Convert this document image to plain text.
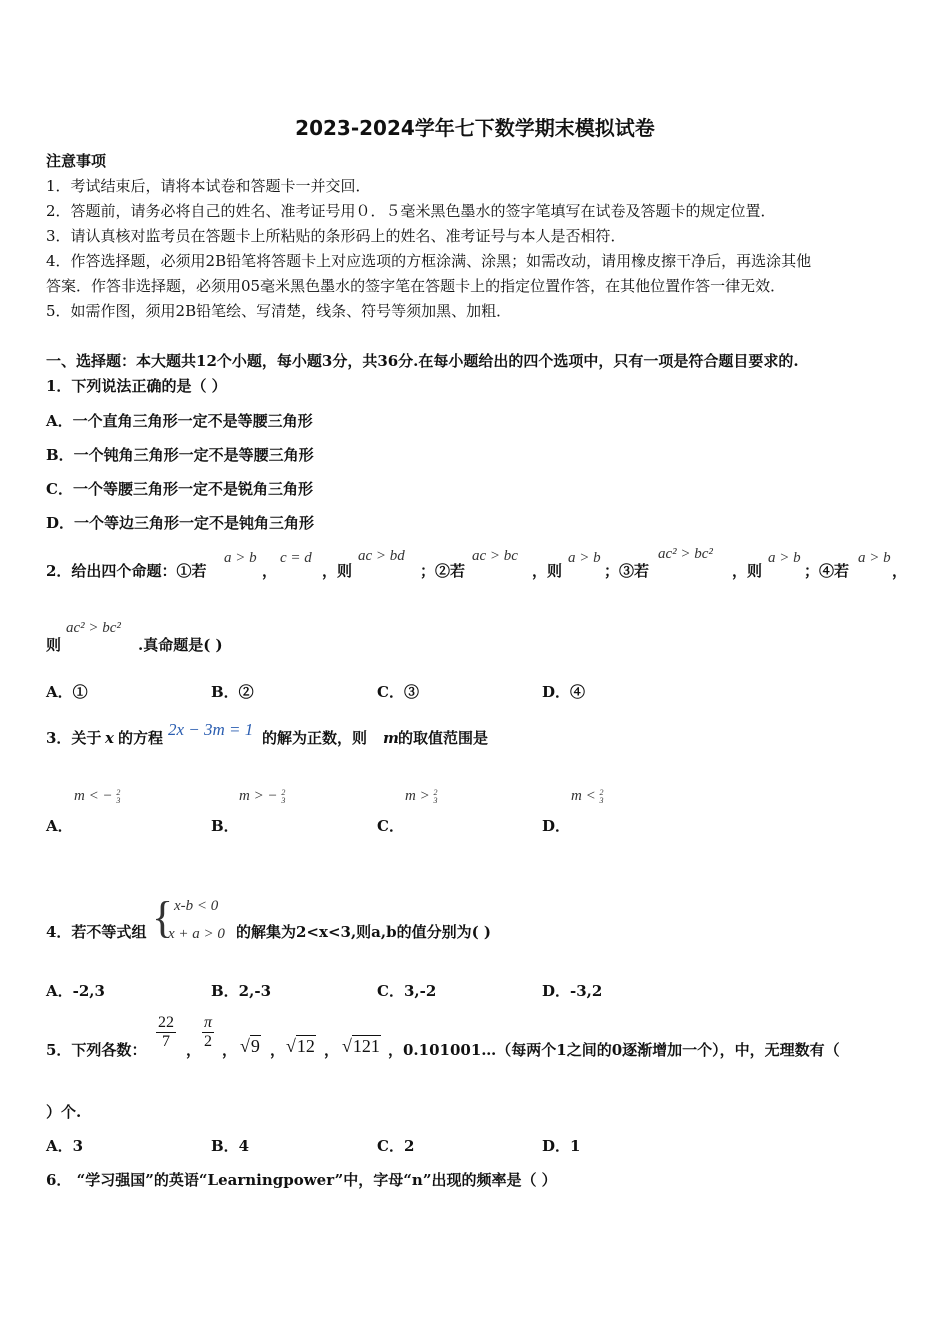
2023-2024学年七下数学期末模拟试卷
注意事项
1．考试结束后，请将本试卷和答题卡一并交回．
2．答题前，请务必将自己的姓名、准考证号用０．５毫米黑色墨水的签字笔填写在试卷及答题卡的规定位置．
3．请认真核对监考员在答题卡上所粘贴的条形码上的姓名、准考证号与本人是否相符．
4．作答选择题，必须用2B铅笔将答题卡上对应选项的方框涂满、涂黑；如需改动，请用橡皮擦干净后，再选涂其他
答案．作答非选择题，必须用05毫米黑色墨水的签字笔在答题卡上的指定位置作答，在其他位置作答一律无效．
5．如需作图，须用2B铅笔绘、写清楚，线条、符号等须加黑、加粗．
一、选择题：本大题共12个小题，每小题3分，共36分.在每小题给出的四个选项中，只有一项是符合题目要求的.
1．下列说法正确的是（ ）
A．一个直角三角形一定不是等腰三角形
B．一个钝角三角形一定不是等腰三角形
C．一个等腰三角形一定不是锐角三角形
D．一个等边三角形一定不是钝角三角形
2．给出四个命题：①若
a > b
，
c = d
，则
ac > bd
；②若
ac > bc
，则
a > b
；③若
ac² > bc²
，则
a > b
；④若
a > b
，
则
ac² > bc²
.真命题是( )
A．①	B．②	C．③	D．④
3．关于 x 的方程 2x − 3m = 1 的解为正数，则 m 的取值范围是
m < − 2
3
A．
m > − 2
3
B．
m > 2
3
C．
m < 2
3
D．
4．若不等式组 { x-b < 0
x + a > 0 的解集为2<x<3,则a,b的值分别为( )
A．-2,3	B．2,-3	C．3,-2	D．-3,2
5．下列各数： $\frac{22}{7}$ ， $\frac{\pi}{2}$ ， √9 ， √12 ， √121 ，0.101001…（每两个1之间的0逐渐增加一个），中，无理数有（
）个.
A．3	B．4	C．2	D．1
6． “学习强国”的英语“Learningpower”中，字母“n”出现的频率是（ ）
